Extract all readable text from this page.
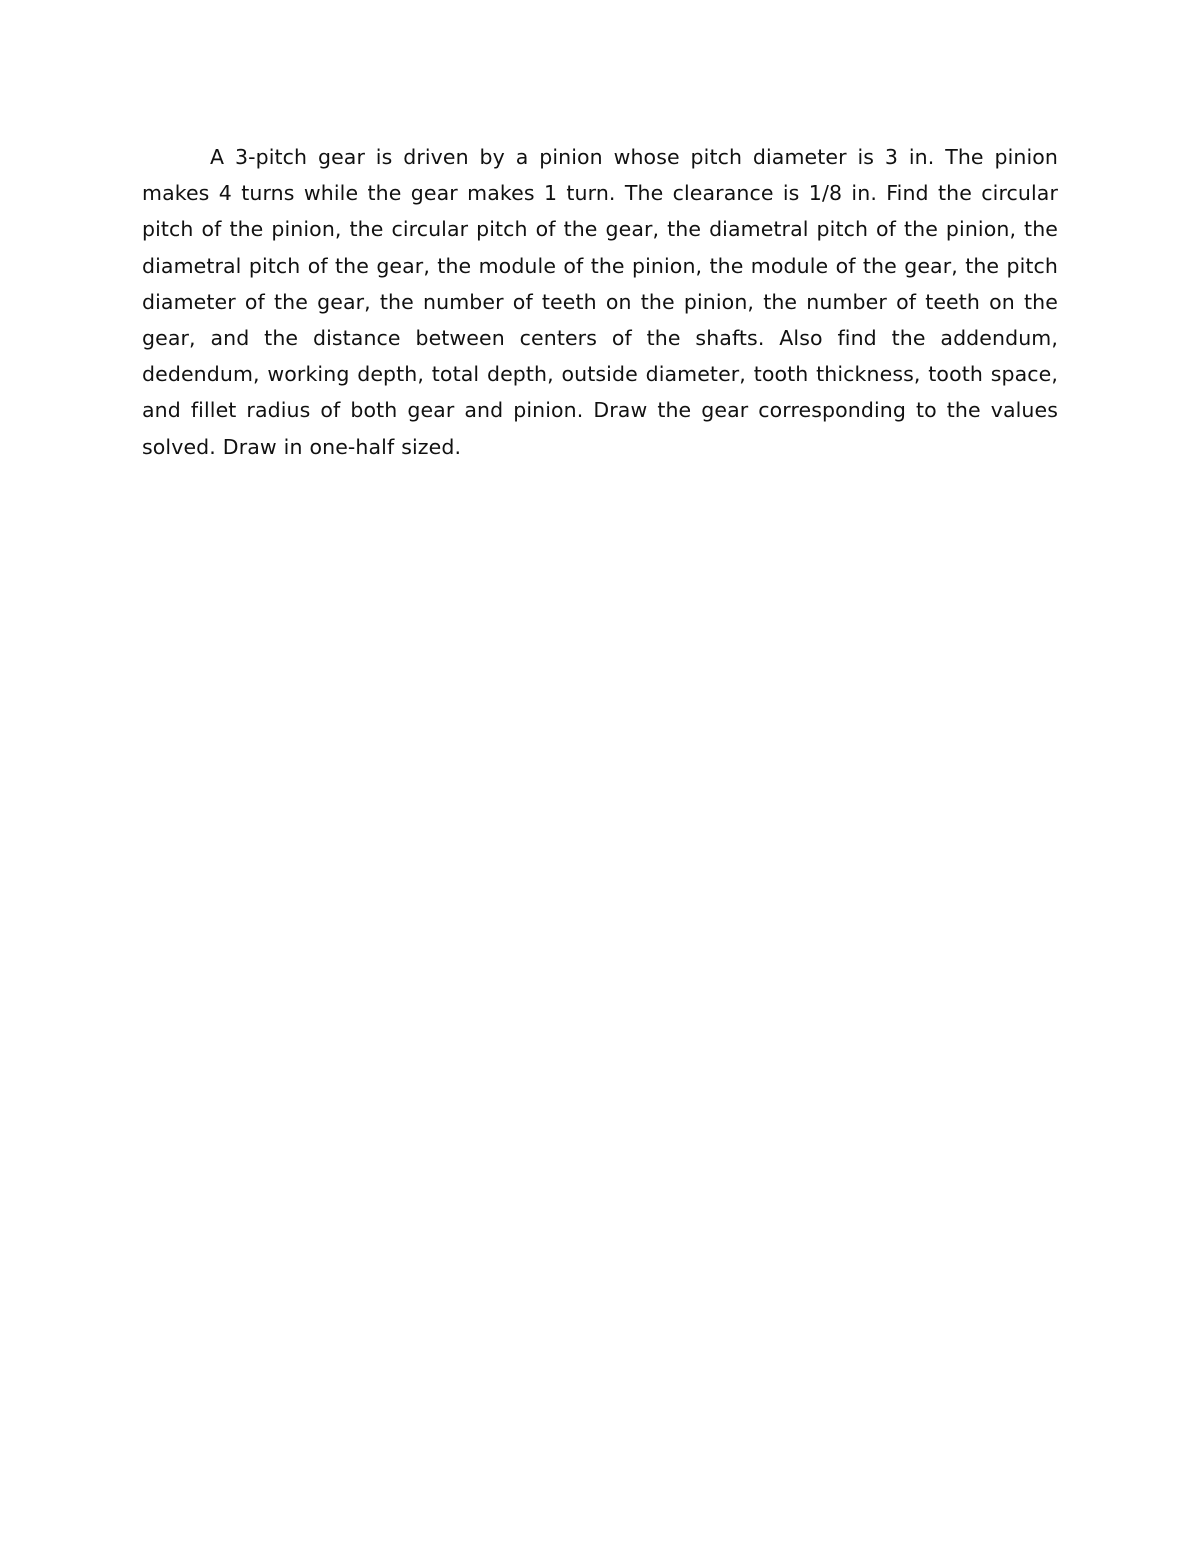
A 3-pitch gear is driven by a pinion whose pitch diameter is 3 in. The pinion makes 4 turns while the gear makes 1 turn. The clearance is 1/8 in. Find the circular pitch of the pinion, the circular pitch of the gear, the diametral pitch of the pinion, the diametral pitch of the gear, the module of the pinion, the module of the gear, the pitch diameter of the gear, the number of teeth on the pinion, the number of teeth on the gear, and the distance between centers of the shafts. Also find the addendum, dedendum, working depth, total depth, outside diameter, tooth thickness, tooth space, and fillet radius of both gear and pinion. Draw the gear corresponding to the values solved. Draw in one-half sized.
